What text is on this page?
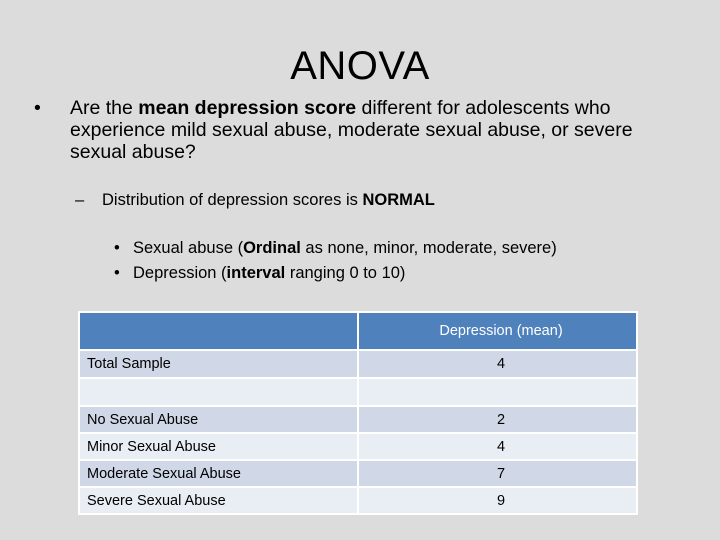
ANOVA
•	Are the mean depression score different for adolescents who experience mild sexual abuse, moderate sexual abuse, or severe sexual abuse?
– Distribution of depression scores is NORMAL
• Sexual abuse (Ordinal as none, minor, moderate, severe)
• Depression (interval ranging 0 to 10)
	Depression (mean)
Total Sample	4

No Sexual Abuse	2
Minor Sexual Abuse	4
Moderate Sexual Abuse	7
Severe Sexual Abuse	9
